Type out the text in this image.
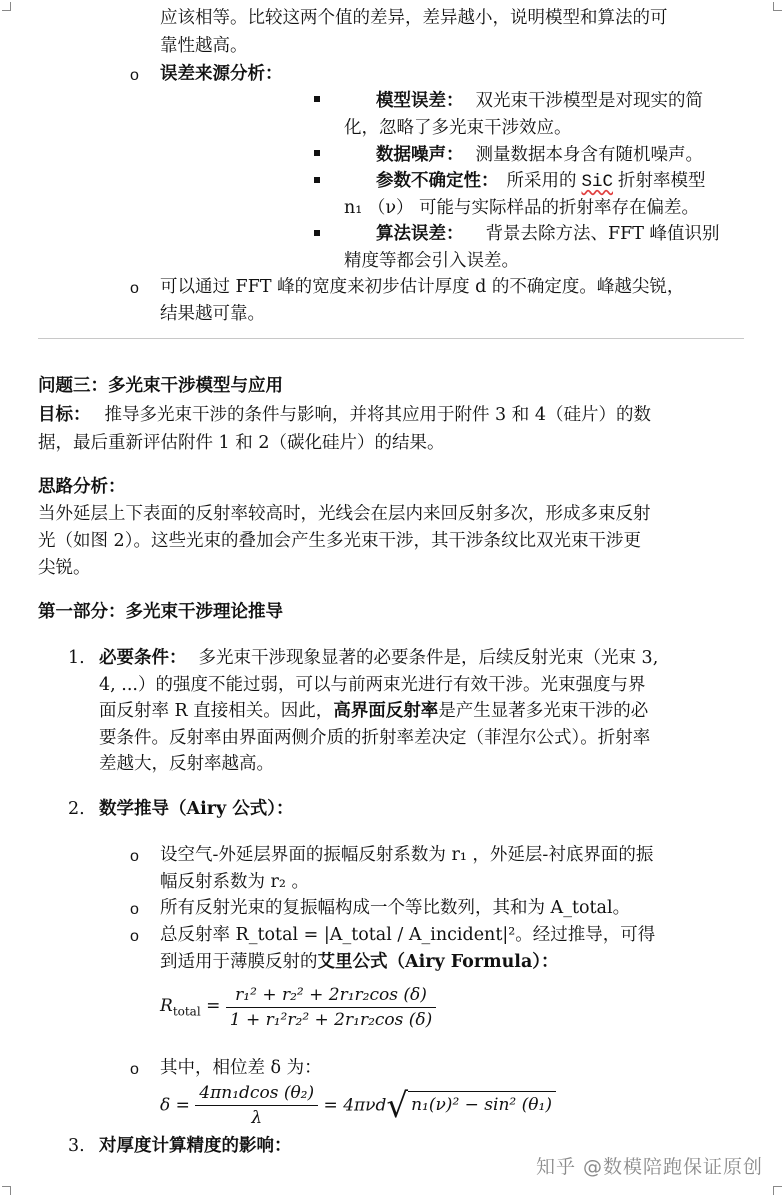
应该相等。比较这两个值的差异，差异越小，说明模型和算法的可
靠性越高。
o 误差来源分析：
模型误差： 双光束干涉模型是对现实的简
化，忽略了多光束干涉效应。
数据噪声： 测量数据本身含有随机噪声。
参数不确定性： 所采用的 SiC 折射率模型
n₁ （ν） 可能与实际样品的折射率存在偏差。
算法误差： 背景去除方法、FFT 峰值识别
精度等都会引入误差。
o 可以通过 FFT 峰的宽度来初步估计厚度 d 的不确定度。峰越尖锐，
结果越可靠。
问题三：多光束干涉模型与应用
目标： 推导多光束干涉的条件与影响，并将其应用于附件 3 和 4（硅片）的数
据，最后重新评估附件 1 和 2（碳化硅片）的结果。
思路分析：
当外延层上下表面的反射率较高时，光线会在层内来回反射多次，形成多束反射
光（如图 2）。这些光束的叠加会产生多光束干涉，其干涉条纹比双光束干涉更
尖锐。
第一部分：多光束干涉理论推导
1. 必要条件： 多光束干涉现象显著的必要条件是，后续反射光束（光束 3,
4, ...）的强度不能过弱，可以与前两束光进行有效干涉。光束强度与界
面反射率 R 直接相关。因此，高界面反射率是产生显著多光束干涉的必
要条件。反射率由界面两侧介质的折射率差决定（菲涅尔公式）。折射率
差越大，反射率越高。
2. 数学推导（Airy 公式）：
o 设空气-外延层界面的振幅反射系数为 r₁ ，外延层-衬底界面的振
幅反射系数为 r₂ 。
o 所有反射光束的复振幅构成一个等比数列，其和为 A_total。
o 总反射率 R_total = |A_total / A_incident|²。经过推导，可得
到适用于薄膜反射的艾里公式（Airy Formula）：
$R_{total} = \frac{\text{r₁² + r₂² + 2r₁r₂cos (δ)}}{\text{1 + r₁²r₂² + 2r₁r₂cos (δ)}}$
o 其中，相位差 δ 为：
$\delta = \frac{\text{4πn₁dcos (θ₂)}}{\lambda} = 4\pi\nu d√$ n₁(ν)² − sin² (θ₁)
3. 对厚度计算精度的影响：
知乎 @数模陪跑保证原创
